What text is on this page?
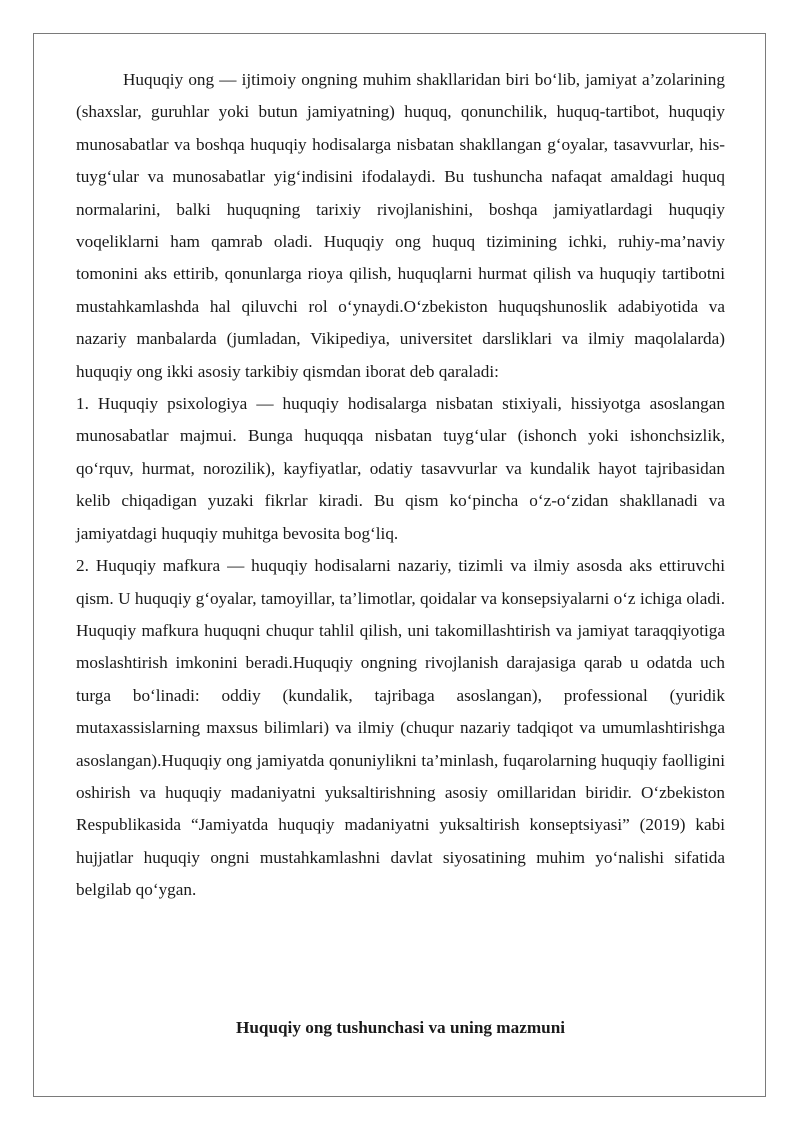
Huquqiy ong — ijtimoiy ongning muhim shakllaridan biri bo‘lib, jamiyat a’zolarining (shaxslar, guruhlar yoki butun jamiyatning) huquq, qonunchilik, huquq-tartibot, huquqiy munosabatlar va boshqa huquqiy hodisalarga nisbatan shakllangan g‘oyalar, tasavvurlar, his-tuyg‘ular va munosabatlar yig‘indisini ifodalaydi. Bu tushuncha nafaqat amaldagi huquq normalarini, balki huquqning tarixiy rivojlanishini, boshqa jamiyatlardagi huquqiy voqeliklarni ham qamrab oladi. Huquqiy ong huquq tizimining ichki, ruhiy-ma’naviy tomonini aks ettirib, qonunlarga rioya qilish, huquqlarni hurmat qilish va huquqiy tartibotni mustahkamlashda hal qiluvchi rol o‘ynaydi.O‘zbekiston huquqshunoslik adabiyotida va nazariy manbalarda (jumladan, Vikipediya, universitet darsliklari va ilmiy maqolalarda) huquqiy ong ikki asosiy tarkibiy qismdan iborat deb qaraladi:

1. Huquqiy psixologiya — huquqiy hodisalarga nisbatan stixiyali, hissiyotga asoslangan munosabatlar majmui. Bunga huquqqa nisbatan tuyg‘ular (ishonch yoki ishonchsizlik, qo‘rquv, hurmat, norozilik), kayfiyatlar, odatiy tasavvurlar va kundalik hayot tajribasidan kelib chiqadigan yuzaki fikrlar kiradi. Bu qism ko‘pincha o‘z-o‘zidan shakllanadi va jamiyatdagi huquqiy muhitga bevosita bog‘liq.

2. Huquqiy mafkura — huquqiy hodisalarni nazariy, tizimli va ilmiy asosda aks ettiruvchi qism. U huquqiy g‘oyalar, tamoyillar, ta’limotlar, qoidalar va konsepsiyalarni o‘z ichiga oladi. Huquqiy mafkura huquqni chuqur tahlil qilish, uni takomillashtirish va jamiyat taraqqiyotiga moslashtirish imkonini beradi.Huquqiy ongning rivojlanish darajasiga qarab u odatda uch turga bo‘linadi: oddiy (kundalik, tajribaga asoslangan), professional (yuridik mutaxassislarning maxsus bilimlari) va ilmiy (chuqur nazariy tadqiqot va umumlashtirishga asoslangan).Huquqiy ong jamiyatda qonuniylikni ta’minlash, fuqarolarning huquqiy faolligini oshirish va huquqiy madaniyatni yuksaltirishning asosiy omillaridan biridir. O‘zbekiston Respublikasida “Jamiyatda huquqiy madaniyatni yuksaltirish konseptsiyasi” (2019) kabi hujjatlar huquqiy ongni mustahkamlashni davlat siyosatining muhim yo‘nalishi sifatida belgilab qo‘ygan.

Huquqiy ong tushunchasi va uning mazmuni
